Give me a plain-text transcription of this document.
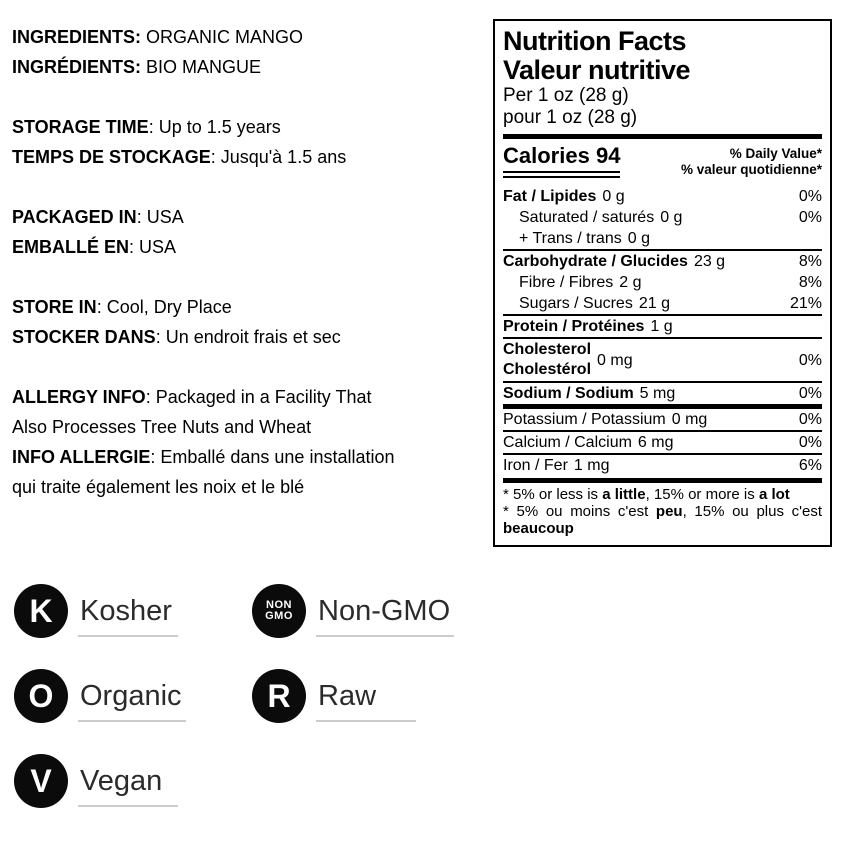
INGREDIENTS: ORGANIC MANGO
INGRÉDIENTS: BIO MANGUE
STORAGE TIME: Up to 1.5 years
TEMPS DE STOCKAGE: Jusqu'à 1.5 ans
PACKAGED IN: USA
EMBALLÉ EN: USA
STORE IN: Cool, Dry Place
STOCKER DANS: Un endroit frais et sec
ALLERGY INFO: Packaged in a Facility That
Also Processes Tree Nuts and Wheat
INFO ALLERGIE: Emballé dans une installation
qui traite également les noix et le blé
Nutrition Facts
Valeur nutritive
Per 1 oz (28 g)
pour 1 oz (28 g)
Calories 94	% Daily Value*
% valeur quotidienne*
Fat / Lipides 0 g	0%
Saturated / saturés 0 g	0%
+ Trans / trans 0 g
Carbohydrate / Glucides 23 g	8%
Fibre / Fibres 2 g	8%
Sugars / Sucres 21 g	21%
Protein / Protéines 1 g
Cholesterol
Cholestérol
0 mg	0%
Sodium / Sodium 5 mg	0%
Potassium / Potassium 0 mg	0%
Calcium / Calcium 6 mg	0%
Iron / Fer 1 mg	6%

* 5% or less is a little, 15% or more is a lot

* 5% ou moins c'est peu, 15% ou plus c'est beaucoup

K Kosher	NON
GMO Non-GMO
O Organic	R Raw
V Vegan
